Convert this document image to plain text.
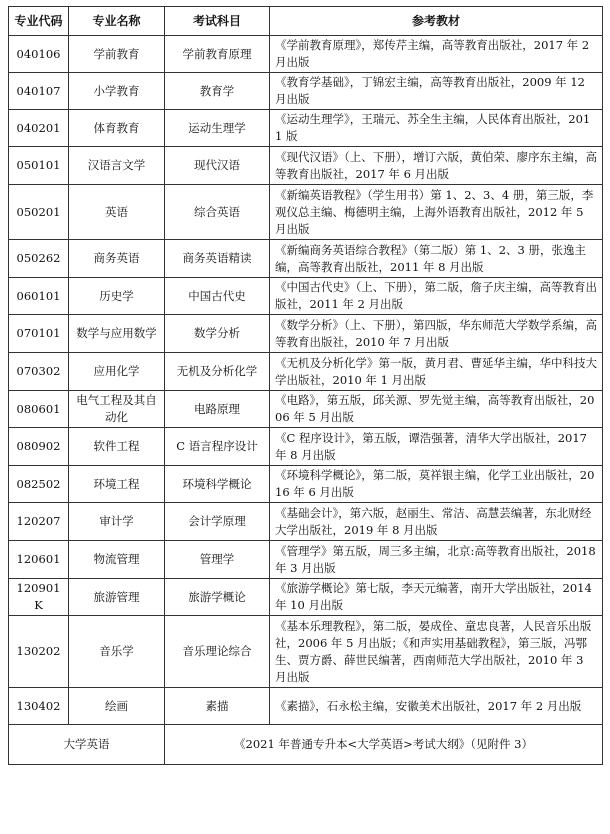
专业代码	专业名称	考试科目	参考教材
040106	学前教育	学前教育原理	《学前教育原理》，郑传芹主编，高等教育出版社，2017 年 2 月出版
040107	小学教育	教育学	《教育学基础》，丁锦宏主编，高等教育出版社，2009 年 12 月出版
040201	体育教育	运动生理学	《运动生理学》，王瑞元、苏全生主编，人民体育出版社，2011 版
050101	汉语言文学	现代汉语	《现代汉语》（上、下册），增订六版，黄伯荣、廖序东主编，高等教育出版社，2017 年 6 月出版
050201	英语	综合英语	《新编英语教程》（学生用书）第 1、2、3、4 册，第三版，李观仪总主编、梅德明主编，上海外语教育出版社，2012 年 5 月出版
050262	商务英语	商务英语精读	《新编商务英语综合教程》（第二版）第 1、2、3 册，张逸主编，高等教育出版社，2011 年 8 月出版
060101	历史学	中国古代史	《中国古代史》（上、下册），第二版，詹子庆主编，高等教育出版社，2011 年 2 月出版
070101	数学与应用数学	数学分析	《数学分析》（上、下册），第四版，华东师范大学数学系编，高等教育出版社，2010 年 7 月出版
070302	应用化学	无机及分析化学	《无机及分析化学》第一版，黄月君、曹延华主编，华中科技大学出版社，2010 年 1 月出版
080601	电气工程及其自动化	电路原理	《电路》，第五版，邱关源、罗先觉主编，高等教育出版社，2006 年 5 月出版
080902	软件工程	C 语言程序设计	《C 程序设计》，第五版，谭浩强著，清华大学出版社，2017 年 8 月出版
082502	环境工程	环境科学概论	《环境科学概论》，第二版，莫祥银主编，化学工业出版社，2016 年 6 月出版
120207	审计学	会计学原理	《基础会计》，第六版，赵丽生、常洁、高慧芸编著，东北财经大学出版社，2019 年 8 月出版
120601	物流管理	管理学	《管理学》第五版，周三多主编，北京:高等教育出版社，2018 年 3 月出版
120901K	旅游管理	旅游学概论	《旅游学概论》第七版，李天元编著，南开大学出版社，2014 年 10 月出版
130202	音乐学	音乐理论综合	《基本乐理教程》，第二版，晏成佺、童忠良著，人民音乐出版社，2006 年 5 月出版；《和声实用基础教程》，第三版，冯鄂生、贾方爵、薛世民编著，西南师范大学出版社，2010 年 3 月出版
130402	绘画	素描	《素描》，石永松主编，安徽美术出版社，2017 年 2 月出版
大学英语		《2021 年普通专升本<大学英语>考试大纲》（见附件 3）	
